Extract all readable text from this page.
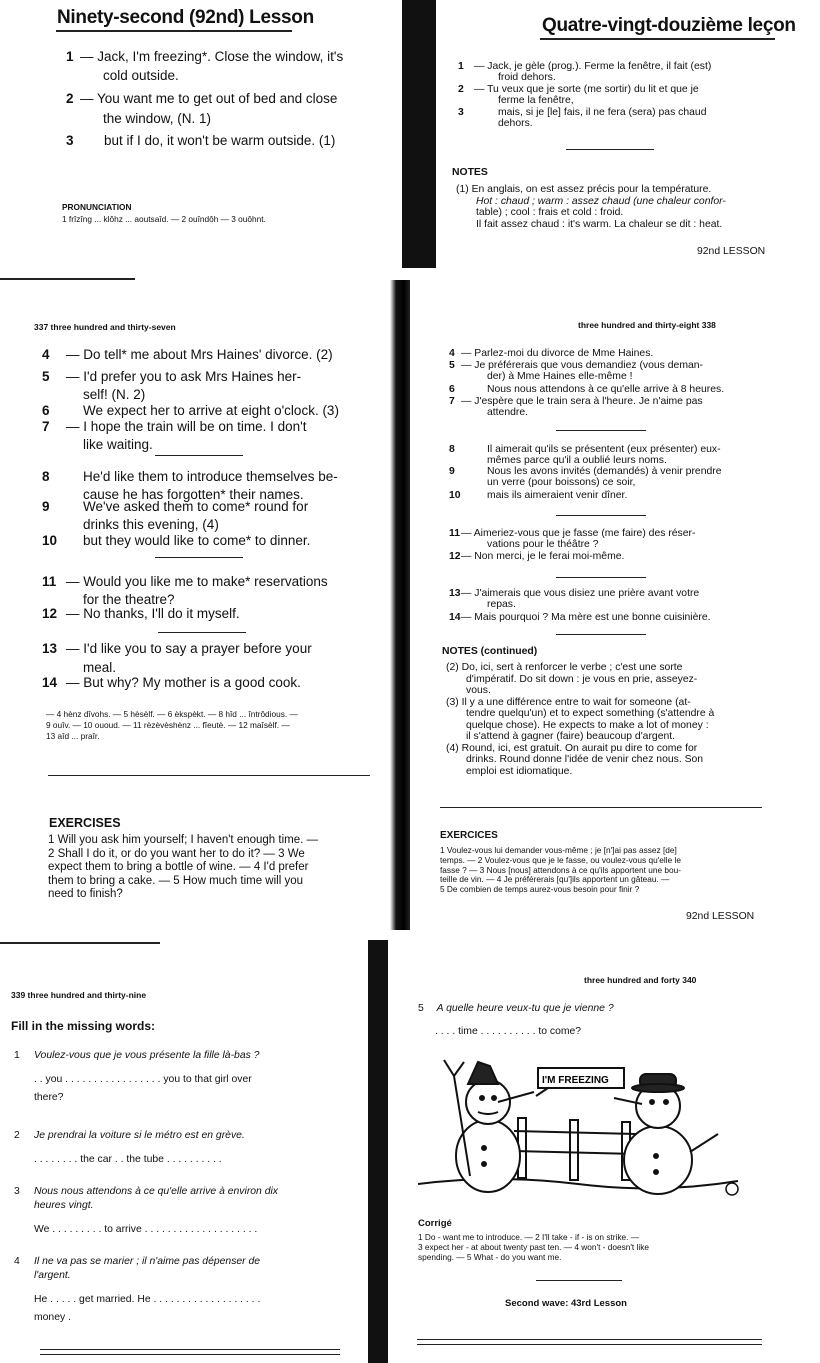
Ninety-second (92nd) Lesson
1 — Jack, I'm freezing*. Close the window, it's
cold outside.
2 — You want me to get out of bed and close
the window, (N. 1)
3 but if I do, it won't be warm outside. (1)
PRONUNCIATION
1 frîzîng ... klôhz ... aoutsaîd. — 2 ouîndôh — 3 ouôhnt.
Quatre-vingt-douzième leçon
1 — Jack, je gèle (prog.). Ferme la fenêtre, il fait (est)
froid dehors.
2 — Tu veux que je sorte (me sortir) du lit et que je
ferme la fenêtre,
3	mais, si je [le] fais, il ne fera (sera) pas chaud
dehors.
NOTES
(1) En anglais, on est assez précis pour la température.
Hot : chaud ; warm : assez chaud (une chaleur confor-
table) ; cool : frais et cold : froid.
Il fait assez chaud : it's warm. La chaleur se dit : heat.
92nd LESSON
337 three hundred and thirty-seven
4 — Do tell* me about Mrs Haines' divorce. (2)
5 — I'd prefer you to ask Mrs Haines her-
self! (N. 2)
6 We expect her to arrive at eight o'clock. (3)
7 — I hope the train will be on time. I don't
like waiting.
8 He'd like them to introduce themselves be-
cause he has forgotten* their names.
9 We've asked them to come* round for
drinks this evening, (4)
10 but they would like to come* to dinner.
11 — Would you like me to make* reservations
for the theatre?
12 — No thanks, I'll do it myself.
13 — I'd like you to say a prayer before your
meal.
14 — But why? My mother is a good cook.
— 4 hènz dîvohs. — 5 hèsèlf. — 6 èkspèkt. — 8 hîd ... întrôdious. —
9 ouîv. — 10 ououd. — 11 rèzèvèshènz ... fîeutè. — 12 maîsèlf. —
13 aîd ... praîr.
EXERCISES
1 Will you ask him yourself; I haven't enough time. —
2 Shall I do it, or do you want her to do it? — 3 We
expect them to bring a bottle of wine. — 4 I'd prefer
them to bring a cake. — 5 How much time will you
need to finish?
three hundred and thirty-eight 338
4 — Parlez-moi du divorce de Mme Haines.
5 — Je préférerais que vous demandiez (vous deman-
der) à Mme Haines elle-même !
6	Nous nous attendons à ce qu'elle arrive à 8 heures.
7 — J'espère que le train sera à l'heure. Je n'aime pas
attendre.
8	Il aimerait qu'ils se présentent (eux présenter) eux-
mêmes parce qu'il a oublié leurs noms.
9	Nous les avons invités (demandés) à venir prendre
un verre (pour boissons) ce soir,
10	mais ils aimeraient venir dîner.
11 — Aimeriez-vous que je fasse (me faire) des réser-
vations pour le théâtre ?
12 — Non merci, je le ferai moi-même.
13 — J'aimerais que vous disiez une prière avant votre
repas.
14 — Mais pourquoi ? Ma mère est une bonne cuisinière.
NOTES (continued)
(2) Do, ici, sert à renforcer le verbe ; c'est une sorte
d'impératif. Do sit down : je vous en prie, asseyez-
vous.
(3) Il y a une différence entre to wait for someone (at-
tendre quelqu'un) et to expect something (s'attendre à
quelque chose). He expects to make a lot of money :
il s'attend à gagner (faire) beaucoup d'argent.
(4) Round, ici, est gratuit. On aurait pu dire to come for
drinks. Round donne l'idée de venir chez nous. Son
emploi est idiomatique.
EXERCICES
1 Voulez-vous lui demander vous-même ; je [n']ai pas assez [de]
temps. — 2 Voulez-vous que je le fasse, ou voulez-vous qu'elle le
fasse ? — 3 Nous [nous] attendons à ce qu'ils apportent une bou-
teille de vin. — 4 Je préférerais [qu']ils apportent un gâteau. —
5 De combien de temps aurez-vous besoin pour finir ?
92nd LESSON
339 three hundred and thirty-nine
Fill in the missing words:
1 Voulez-vous que je vous présente la fille là-bas ?
. . you . . . . . . . . . . . . . . . . . you to that girl over
there?
2 Je prendrai la voiture si le métro est en grève.
. . . . . . . . the car . . the tube . . . . . . . . . .
3 Nous nous attendons à ce qu'elle arrive à environ dix
heures vingt.
We . . . . . . . . . to arrive . . . . . . . . . . . . . . . . . . . .
4 Il ne va pas se marier ; il n'aime pas dépenser de
l'argent.
He . . . . . get married. He . . . . . . . . . . . . . . . . . . .
money .
three hundred and forty 340
5 A quelle heure veux-tu que je vienne ?
. . . . time . . . . . . . . . . to come?
I'M FREEZING
Corrigé
1 Do - want me to introduce. — 2 I'll take - if - is on strike. —
3 expect her - at about twenty past ten. — 4 won't - doesn't like
spending. — 5 What - do you want me.
Second wave: 43rd Lesson
